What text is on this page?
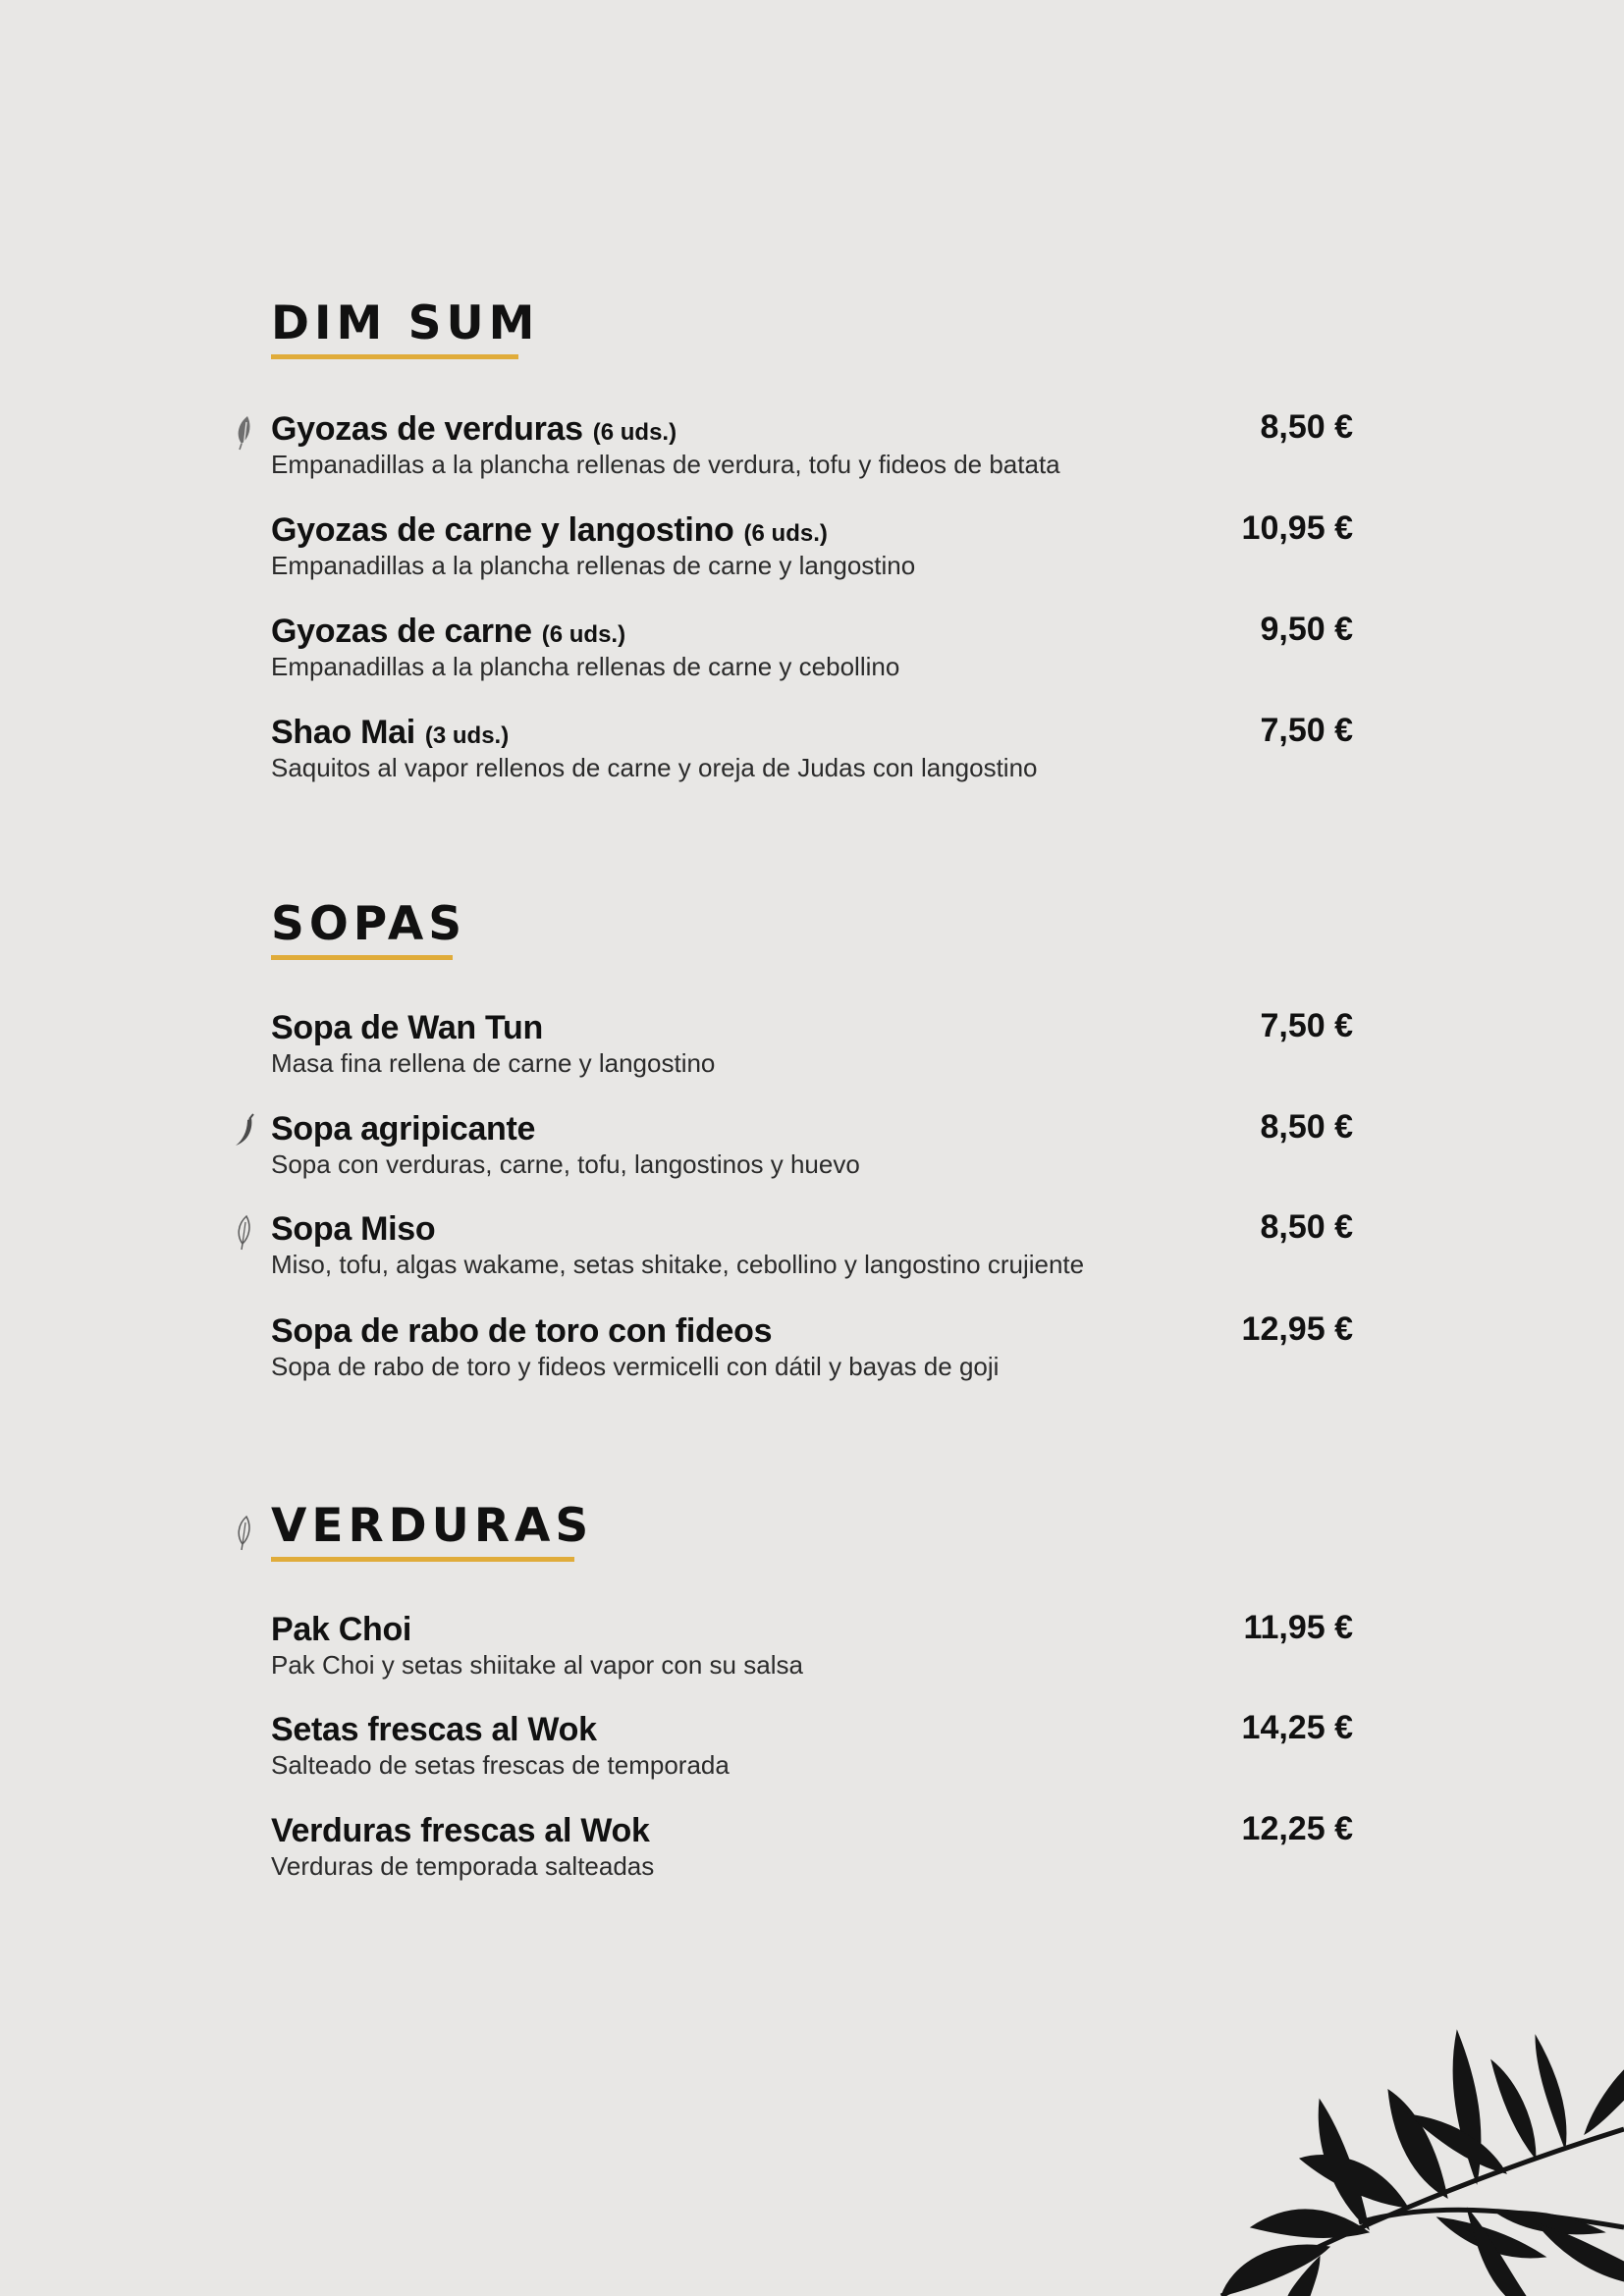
DIM SUM
Gyozas de verduras (6 uds.)
Empanadillas a la plancha rellenas de verdura, tofu y fideos de batata
8,50 €
Gyozas de carne y langostino (6 uds.)
Empanadillas a la plancha rellenas de carne y langostino
10,95 €
Gyozas de carne (6 uds.)
Empanadillas a la plancha rellenas de carne y cebollino
9,50 €
Shao Mai (3 uds.)
Saquitos al vapor rellenos de carne y oreja de Judas con langostino
7,50 €
SOPAS
Sopa de Wan Tun
Masa fina rellena de carne y langostino
7,50 €
Sopa agripicante
Sopa con verduras, carne, tofu, langostinos y huevo
8,50 €
Sopa Miso
Miso, tofu, algas wakame, setas shitake, cebollino y langostino crujiente
8,50 €
Sopa de rabo de toro con fideos
Sopa de rabo de toro y fideos vermicelli con dátil y bayas de goji
12,95 €
VERDURAS
Pak Choi
Pak Choi y setas shiitake al vapor con su salsa
11,95 €
Setas frescas al Wok
Salteado de setas frescas de temporada
14,25 €
Verduras frescas al Wok
Verduras de temporada salteadas
12,25 €
